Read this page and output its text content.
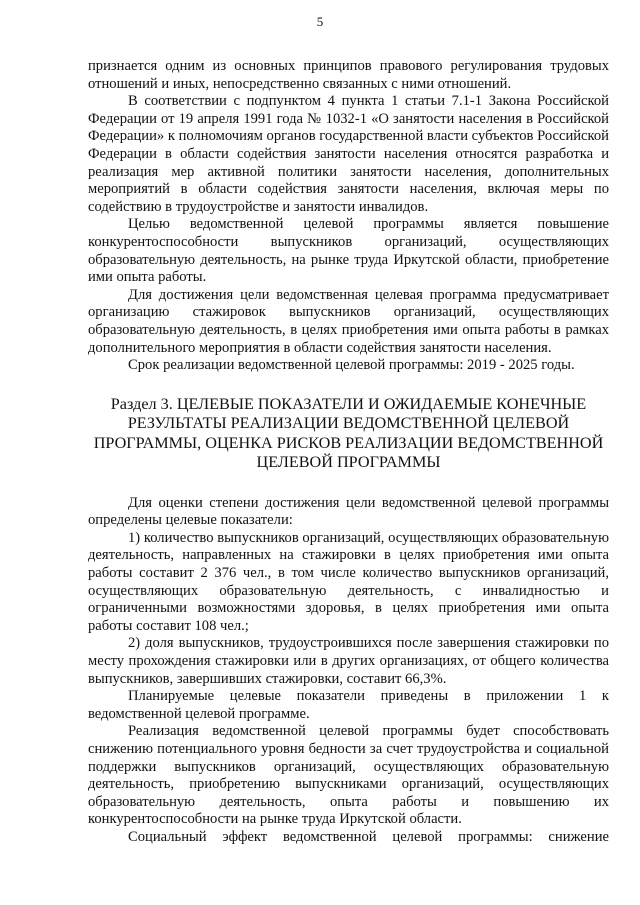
5

признается одним из основных принципов правового регулирования трудовых отношений и иных, непосредственно связанных с ними отношений.

В соответствии с подпунктом 4 пункта 1 статьи 7.1-1 Закона Российской Федерации от 19 апреля 1991 года № 1032-1 «О занятости населения в Российской Федерации» к полномочиям органов государственной власти субъектов Российской Федерации в области содействия занятости населения относятся разработка и реализация мер активной политики занятости населения, дополнительных мероприятий в области содействия занятости населения, включая меры по содействию в трудоустройстве и занятости инвалидов.

Целью ведомственной целевой программы является повышение конкурентоспособности выпускников организаций, осуществляющих образовательную деятельность, на рынке труда Иркутской области, приобретение ими опыта работы.

Для достижения цели ведомственная целевая программа предусматривает организацию стажировок выпускников организаций, осуществляющих образовательную деятельность, в целях приобретения ими опыта работы в рамках дополнительного мероприятия в области содействия занятости населения.

Срок реализации ведомственной целевой программы: 2019 - 2025 годы.

Раздел 3. ЦЕЛЕВЫЕ ПОКАЗАТЕЛИ И ОЖИДАЕМЫЕ КОНЕЧНЫЕ
РЕЗУЛЬТАТЫ РЕАЛИЗАЦИИ ВЕДОМСТВЕННОЙ ЦЕЛЕВОЙ
ПРОГРАММЫ, ОЦЕНКА РИСКОВ РЕАЛИЗАЦИИ ВЕДОМСТВЕННОЙ
ЦЕЛЕВОЙ ПРОГРАММЫ

Для оценки степени достижения цели ведомственной целевой программы определены целевые показатели:

1) количество выпускников организаций, осуществляющих образовательную деятельность, направленных на стажировки в целях приобретения ими опыта работы составит 2 376 чел., в том числе количество выпускников организаций, осуществляющих образовательную деятельность, с инвалидностью и ограниченными возможностями здоровья, в целях приобретения ими опыта работы составит 108 чел.;

2) доля выпускников, трудоустроившихся после завершения стажировки по месту прохождения стажировки или в других организациях, от общего количества выпускников, завершивших стажировки, составит 66,3%.

Планируемые целевые показатели приведены в приложении 1 к ведомственной целевой программе.

Реализация ведомственной целевой программы будет способствовать снижению потенциального уровня бедности за счет трудоустройства и социальной поддержки выпускников организаций, осуществляющих образовательную деятельность, приобретению выпускниками организаций, осуществляющих образовательную деятельность, опыта работы и повышению их конкурентоспособности на рынке труда Иркутской области.

Социальный эффект ведомственной целевой программы: снижение
